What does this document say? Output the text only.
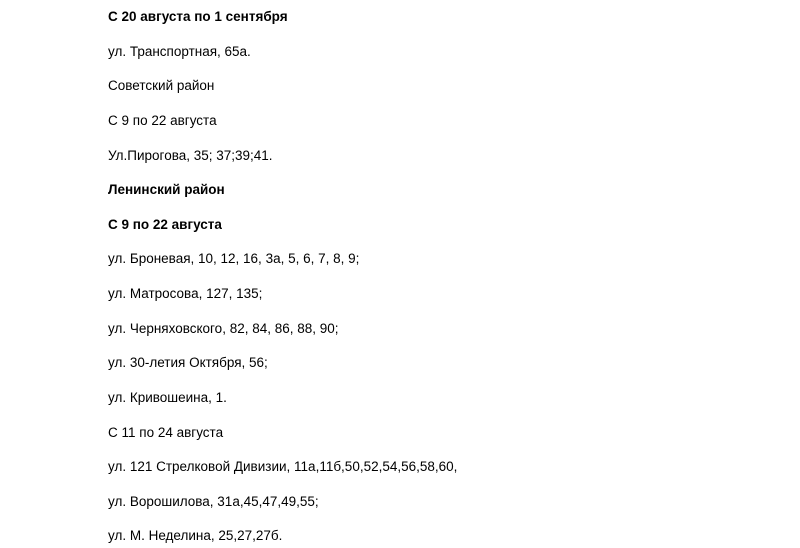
С 20 августа по 1 сентября
ул. Транспортная, 65а.
Советский район
С 9 по 22 августа
Ул.Пирогова, 35; 37;39;41.
Ленинский район
С 9 по 22 августа
ул. Броневая, 10, 12, 16, 3а, 5, 6, 7, 8, 9;
ул. Матросова, 127, 135;
ул. Черняховского, 82, 84, 86, 88, 90;
ул. 30-летия Октября, 56;
ул. Кривошеина, 1.
С 11 по 24 августа
ул. 121 Стрелковой Дивизии, 11а,11б,50,52,54,56,58,60,
ул. Ворошилова, 31а,45,47,49,55;
ул. М. Неделина, 25,27,27б.
